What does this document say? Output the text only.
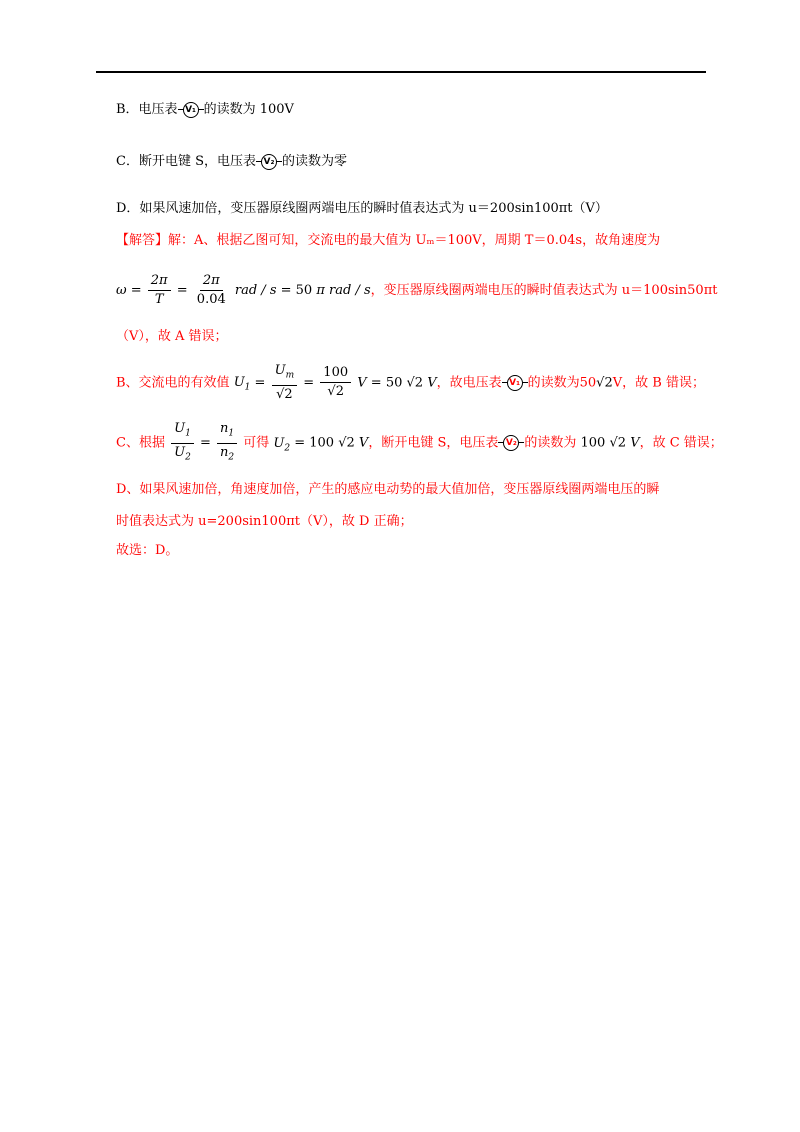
B．电压表 V₁ 的读数为 100V
C．断开电键 S，电压表 V₂ 的读数为零
D．如果风速加倍，变压器原线圈两端电压的瞬时值表达式为 u＝200sin100πt（V）
【解答】解：A、根据乙图可知，交流电的最大值为 Uₘ＝100V，周期 T＝0.04s，故角速度为
$\omega = \frac{2\pi}{T} = \frac{2\pi}{0.04}$ rad / s = 50 π rad / s，变压器原线圈两端电压的瞬时值表达式为 u＝100sin50πt
（V），故 A 错误；
B、交流电的有效值 $U_1 = \frac{U_m}{√2} = \frac{100}{√2}$ V = 50 √2 V，故电压表 V₁ 的读数为50√2V，故 B 错误；
C、根据 $\frac{U_1}{U_2} = \frac{n_1}{n_2}$ 可得 $U_2 = 100$ √2 V，断开电键 S，电压表 V₂ 的读数为 100 √2 V，故 C 错误；
D、如果风速加倍，角速度加倍，产生的感应电动势的最大值加倍，变压器原线圈两端电压的瞬
时值表达式为 u=200sin100πt（V），故 D 正确；
故选：D。
